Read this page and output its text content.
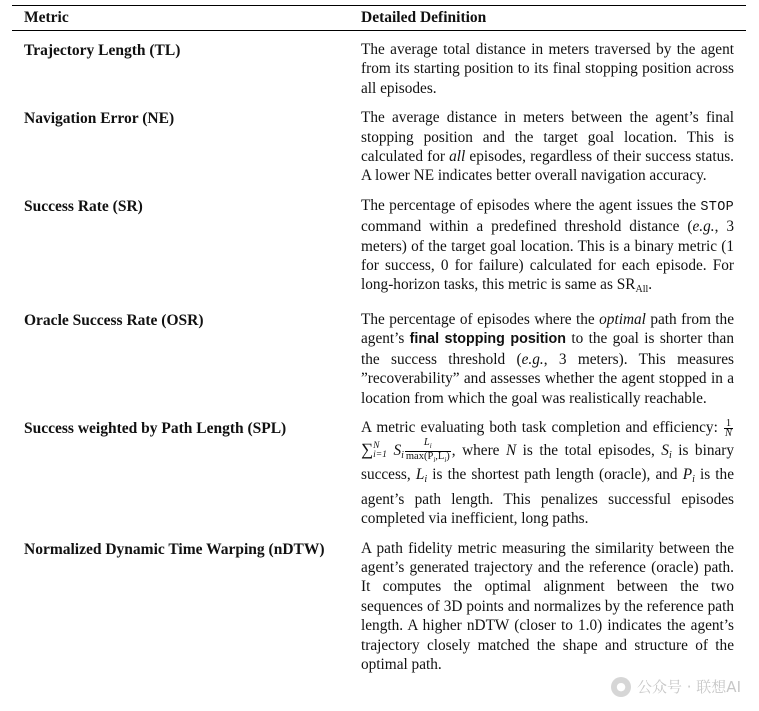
Metric	Detailed Definition
Trajectory Length (TL)	The average total distance in meters traversed by the agent from its starting position to its final stopping position across all episodes.
Navigation Error (NE)	The average distance in meters between the agent’s final stopping position and the target goal location. This is calculated for all episodes, regardless of their success status. A lower NE indicates better overall navigation accuracy.
Success Rate (SR)	The percentage of episodes where the agent issues the STOP command within a predefined threshold distance (e.g., 3 meters) of the target goal location. This is a binary metric (1 for success, 0 for failure) calculated for each episode. For long-horizon tasks, this metric is same as $SR_{All}$.
Oracle Success Rate (OSR)	The percentage of episodes where the optimal path from the agent’s final stopping position to the goal is shorter than the success threshold (e.g., 3 meters). This measures ”recoverability” and assesses whether the agent stopped in a location from which the goal was realistically reachable.
Success weighted by Path Length (SPL)	A metric evaluating both task completion and efficiency: $\frac{1}{N}$
∑ N
i=1 $S_i \frac{L_i}{\max(P_i,L_i)}$ , where N is the total episodes, $S_i$ is binary success, $L_i$ is the shortest path length (oracle), and $P_i$ is the agent’s path length. This penalizes successful episodes completed via inefficient, long paths.
Normalized Dynamic Time Warping (nDTW)	A path fidelity metric measuring the similarity between the agent’s generated trajectory and the reference (oracle) path. It computes the optimal alignment between the two sequences of 3D points and normalizes by the reference path length. A higher nDTW (closer to 1.0) indicates the agent’s trajectory closely matched the shape and structure of the optimal path.
● 公众号 · 联想AI
